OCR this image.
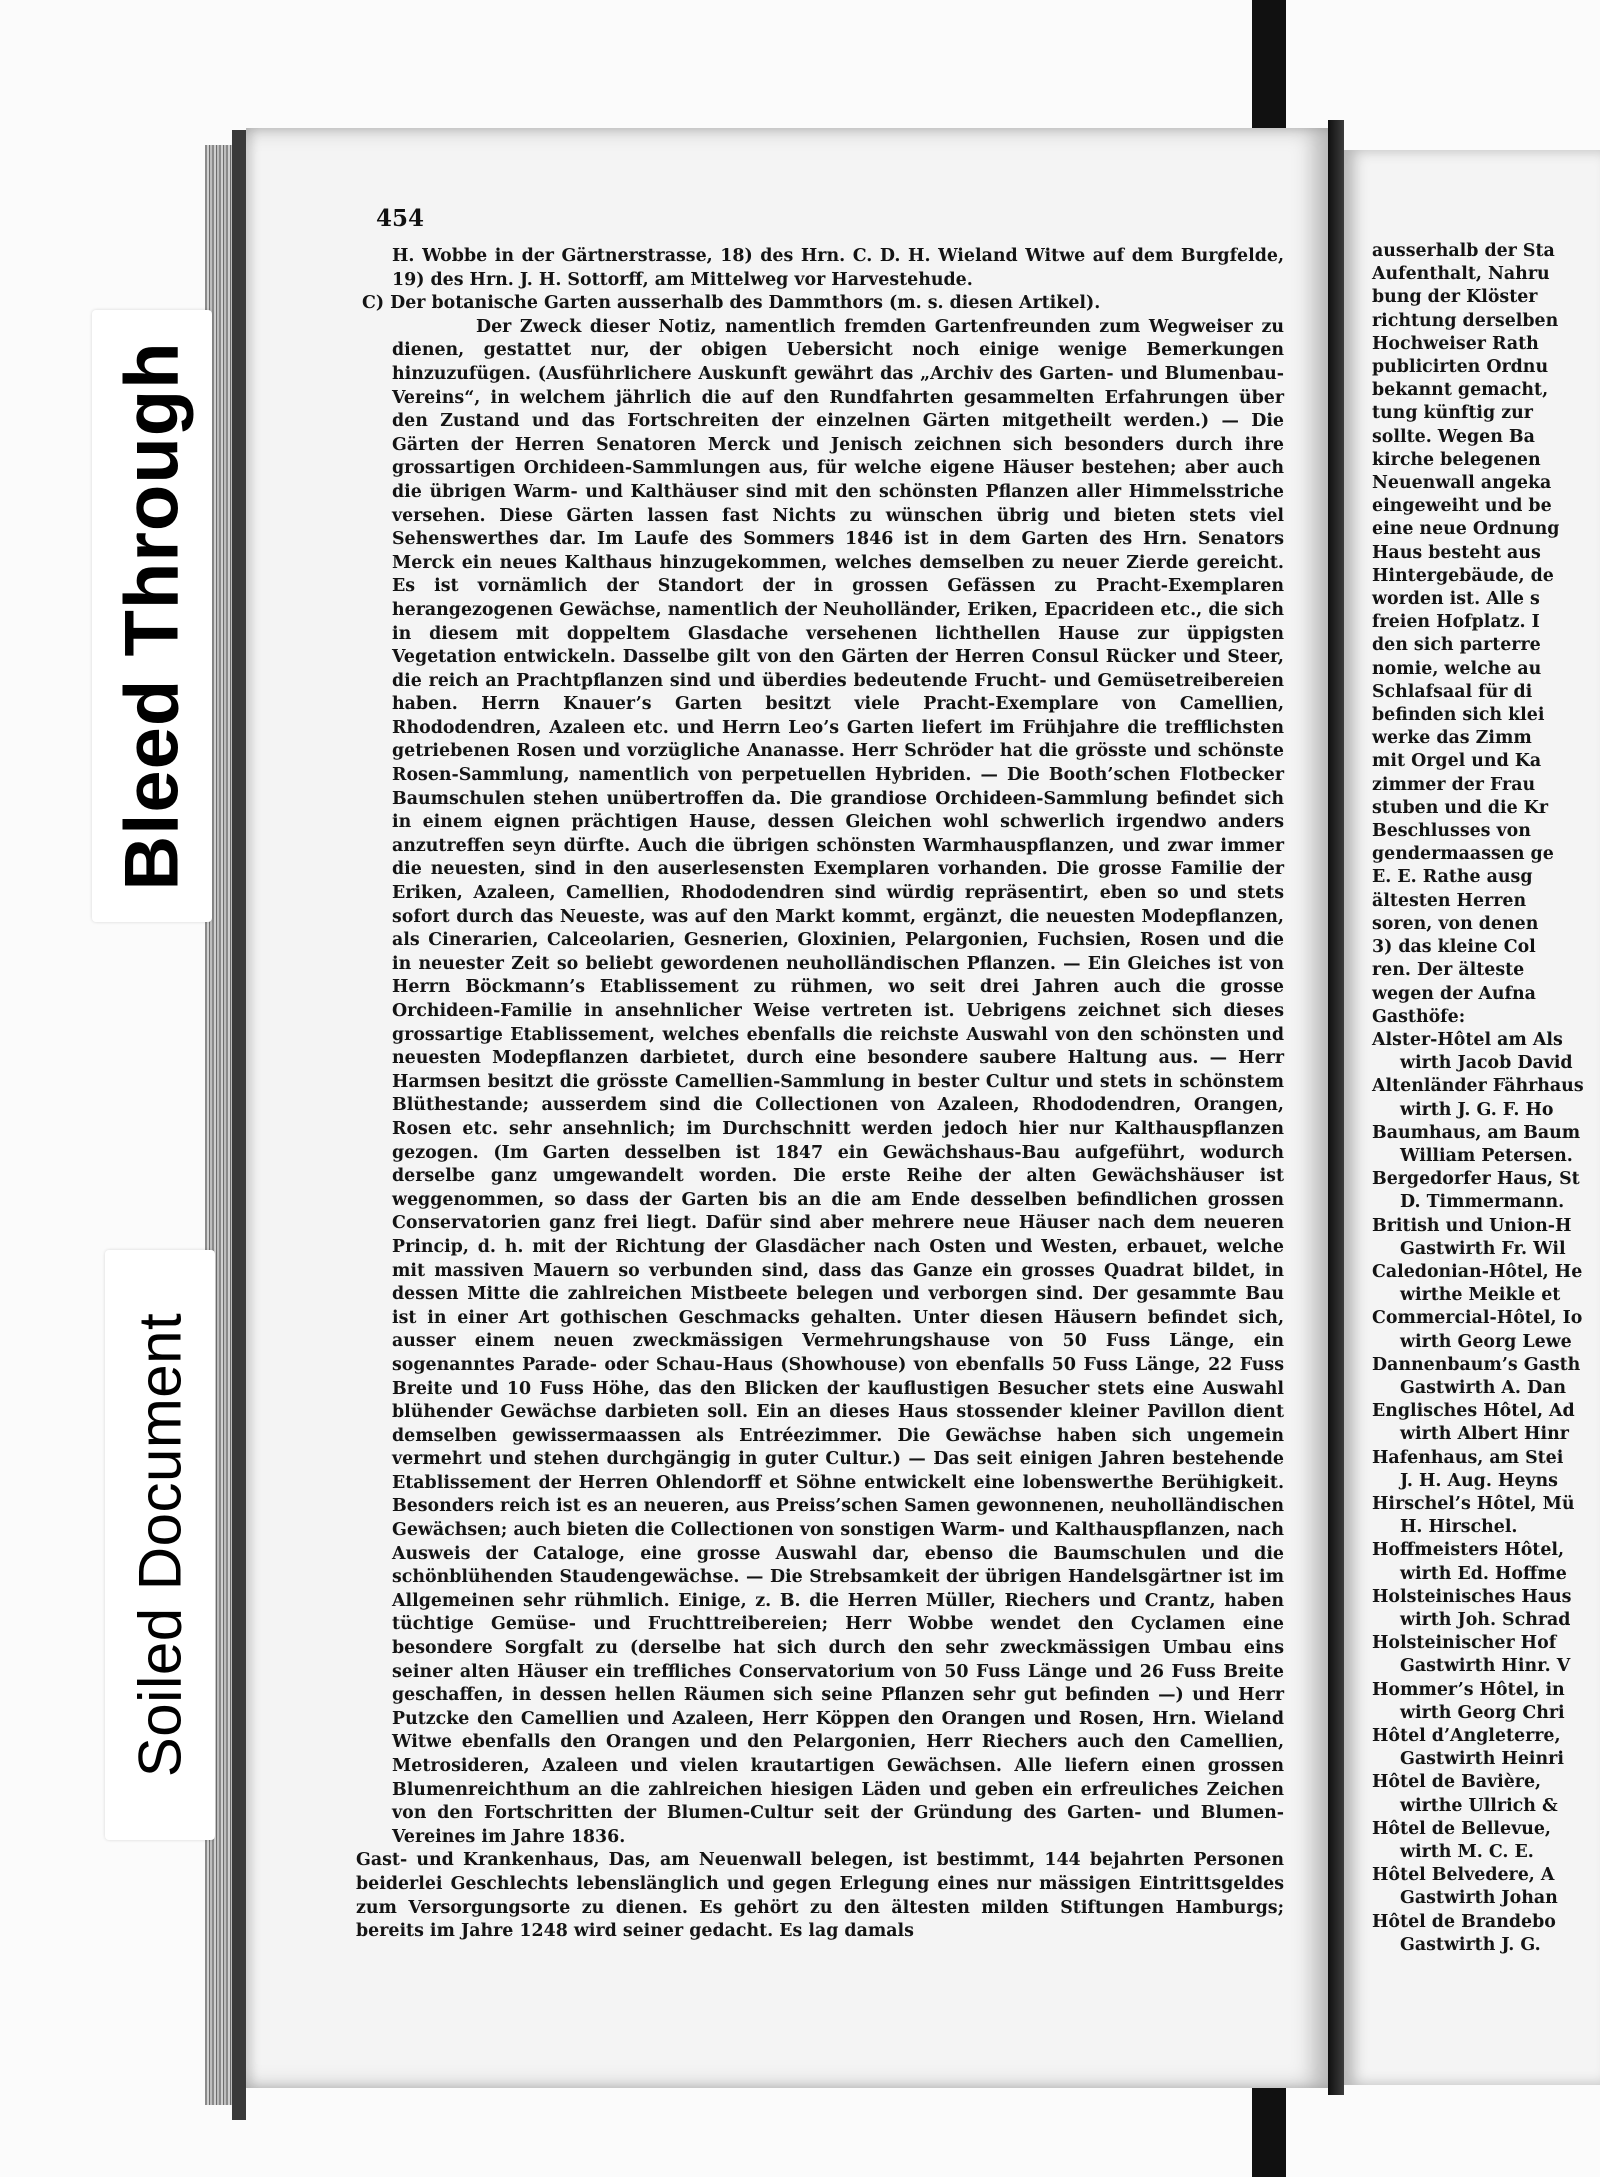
ausserhalb der Sta
Aufenthalt, Nahru
bung der Klöster
richtung derselben
Hochweiser Rath
publicirten Ordnu
bekannt gemacht,
tung künftig zur
sollte. Wegen Ba
kirche belegenen
Neuenwall angeka
eingeweiht und be
eine neue Ordnung
Haus besteht aus
Hintergebäude, de
worden ist. Alle s
freien Hofplatz. I
den sich parterre
nomie, welche au
Schlafsaal für di
befinden sich klei
werke das Zimm
mit Orgel und Ka
zimmer der Frau
stuben und die Kr
Beschlusses von
gendermaassen ge
E. E. Rathe ausg
ältesten Herren
soren, von denen
3) das kleine Col
ren. Der älteste
wegen der Aufna
Gasthöfe:
Alster-Hôtel am Als
wirth Jacob David
Altenländer Fährhaus
wirth J. G. F. Ho
Baumhaus, am Baum
William Petersen.
Bergedorfer Haus, St
D. Timmermann.
British und Union-H
Gastwirth Fr. Wil
Caledonian-Hôtel, He
wirthe Meikle et
Commercial-Hôtel, Io
wirth Georg Lewe
Dannenbaum’s Gasth
Gastwirth A. Dan
Englisches Hôtel, Ad
wirth Albert Hinr
Hafenhaus, am Stei
J. H. Aug. Heyns
Hirschel’s Hôtel, Mü
H. Hirschel.
Hoffmeisters Hôtel,
wirth Ed. Hoffme
Holsteinisches Haus
wirth Joh. Schrad
Holsteinischer Hof
Gastwirth Hinr. V
Hommer’s Hôtel, in
wirth Georg Chri
Hôtel d’Angleterre,
Gastwirth Heinri
Hôtel de Bavière,
wirthe Ullrich &
Hôtel de Bellevue,
wirth M. C. E.
Hôtel Belvedere, A
Gastwirth Johan
Hôtel de Brandebo
Gastwirth J. G.
454

H. Wobbe in der Gärtnerstrasse, 18) des Hrn. C. D. H. Wieland Witwe auf dem Burgfelde, 19) des Hrn. J. H. Sottorff, am Mittelweg vor Harvestehude.

C) Der botanische Garten ausserhalb des Dammthors (m. s. diesen Artikel).

Der Zweck dieser Notiz, namentlich fremden Gartenfreunden zum Wegweiser zu dienen, gestattet nur, der obigen Uebersicht noch einige wenige Bemerkungen hinzuzufügen. (Ausführlichere Auskunft gewährt das „Archiv des Garten- und Blumenbau-Vereins“, in welchem jährlich die auf den Rundfahrten gesammelten Erfahrungen über den Zustand und das Fortschreiten der einzelnen Gärten mitgetheilt werden.) — Die Gärten der Herren Senatoren Merck und Jenisch zeichnen sich besonders durch ihre grossartigen Orchideen-Sammlungen aus, für welche eigene Häuser bestehen; aber auch die übrigen Warm- und Kalthäuser sind mit den schönsten Pflanzen aller Himmelsstriche versehen. Diese Gärten lassen fast Nichts zu wünschen übrig und bieten stets viel Sehenswerthes dar. Im Laufe des Sommers 1846 ist in dem Garten des Hrn. Senators Merck ein neues Kalthaus hinzugekommen, welches demselben zu neuer Zierde gereicht. Es ist vornämlich der Standort der in grossen Gefässen zu Pracht-Exemplaren herangezogenen Gewächse, namentlich der Neuholländer, Eriken, Epacrideen etc., die sich in diesem mit doppeltem Glasdache versehenen lichthellen Hause zur üppigsten Vegetation entwickeln. Dasselbe gilt von den Gärten der Herren Consul Rücker und Steer, die reich an Prachtpflanzen sind und überdies bedeutende Frucht- und Gemüsetreibereien haben. Herrn Knauer’s Garten besitzt viele Pracht-Exemplare von Camellien, Rhododendren, Azaleen etc. und Herrn Leo’s Garten liefert im Frühjahre die trefflichsten getriebenen Rosen und vorzügliche Ananasse. Herr Schröder hat die grösste und schönste Rosen-Sammlung, namentlich von perpetuellen Hybriden. — Die Booth’schen Flotbecker Baumschulen stehen unübertroffen da. Die grandiose Orchideen-Sammlung befindet sich in einem eignen prächtigen Hause, dessen Gleichen wohl schwerlich irgendwo anders anzutreffen seyn dürfte. Auch die übrigen schönsten Warmhauspflanzen, und zwar immer die neuesten, sind in den auserlesensten Exemplaren vorhanden. Die grosse Familie der Eriken, Azaleen, Camellien, Rhododendren sind würdig repräsentirt, eben so und stets sofort durch das Neueste, was auf den Markt kommt, ergänzt, die neuesten Modepflanzen, als Cinerarien, Calceolarien, Gesnerien, Gloxinien, Pelargonien, Fuchsien, Rosen und die in neuester Zeit so beliebt gewordenen neuholländischen Pflanzen. — Ein Gleiches ist von Herrn Böckmann’s Etablissement zu rühmen, wo seit drei Jahren auch die grosse Orchideen-Familie in ansehnlicher Weise vertreten ist. Uebrigens zeichnet sich dieses grossartige Etablissement, welches ebenfalls die reichste Auswahl von den schönsten und neuesten Modepflanzen darbietet, durch eine besondere saubere Haltung aus. — Herr Harmsen besitzt die grösste Camellien-Sammlung in bester Cultur und stets in schönstem Blüthestande; ausserdem sind die Collectionen von Azaleen, Rhododendren, Orangen, Rosen etc. sehr ansehnlich; im Durchschnitt werden jedoch hier nur Kalthauspflanzen gezogen. (Im Garten desselben ist 1847 ein Gewächshaus-Bau aufgeführt, wodurch derselbe ganz umgewandelt worden. Die erste Reihe der alten Gewächshäuser ist weggenommen, so dass der Garten bis an die am Ende desselben befindlichen grossen Conservatorien ganz frei liegt. Dafür sind aber mehrere neue Häuser nach dem neueren Princip, d. h. mit der Richtung der Glasdächer nach Osten und Westen, erbauet, welche mit massiven Mauern so verbunden sind, dass das Ganze ein grosses Quadrat bildet, in dessen Mitte die zahlreichen Mistbeete belegen und verborgen sind. Der gesammte Bau ist in einer Art gothischen Geschmacks gehalten. Unter diesen Häusern befindet sich, ausser einem neuen zweckmässigen Vermehrungshause von 50 Fuss Länge, ein sogenanntes Parade- oder Schau-Haus (Showhouse) von ebenfalls 50 Fuss Länge, 22 Fuss Breite und 10 Fuss Höhe, das den Blicken der kauflustigen Besucher stets eine Auswahl blühender Gewächse darbieten soll. Ein an dieses Haus stossender kleiner Pavillon dient demselben gewissermaassen als Entréezimmer. Die Gewächse haben sich ungemein vermehrt und stehen durchgängig in guter Cultur.) — Das seit einigen Jahren bestehende Etablissement der Herren Ohlendorff et Söhne entwickelt eine lobenswerthe Berühigkeit. Besonders reich ist es an neueren, aus Preiss’schen Samen gewonnenen, neuholländischen Gewächsen; auch bieten die Collectionen von sonstigen Warm- und Kalthauspflanzen, nach Ausweis der Cataloge, eine grosse Auswahl dar, ebenso die Baumschulen und die schönblühenden Staudengewächse. — Die Strebsamkeit der übrigen Handelsgärtner ist im Allgemeinen sehr rühmlich. Einige, z. B. die Herren Müller, Riechers und Crantz, haben tüchtige Gemüse- und Fruchttreibereien; Herr Wobbe wendet den Cyclamen eine besondere Sorgfalt zu (derselbe hat sich durch den sehr zweckmässigen Umbau eins seiner alten Häuser ein treffliches Conservatorium von 50 Fuss Länge und 26 Fuss Breite geschaffen, in dessen hellen Räumen sich seine Pflanzen sehr gut befinden —) und Herr Putzcke den Camellien und Azaleen, Herr Köppen den Orangen und Rosen, Hrn. Wieland Witwe ebenfalls den Orangen und den Pelargonien, Herr Riechers auch den Camellien, Metrosideren, Azaleen und vielen krautartigen Gewächsen. Alle liefern einen grossen Blumenreichthum an die zahlreichen hiesigen Läden und geben ein erfreuliches Zeichen von den Fortschritten der Blumen-Cultur seit der Gründung des Garten- und Blumen-Vereines im Jahre 1836.

Gast- und Krankenhaus, Das, am Neuenwall belegen, ist bestimmt, 144 bejahrten Personen beiderlei Geschlechts lebenslänglich und gegen Erlegung eines nur mässigen Eintrittsgeldes zum Versorgungsorte zu dienen. Es gehört zu den ältesten milden Stiftungen Hamburgs; bereits im Jahre 1248 wird seiner gedacht. Es lag damals

Bleed Through
Soiled Document
